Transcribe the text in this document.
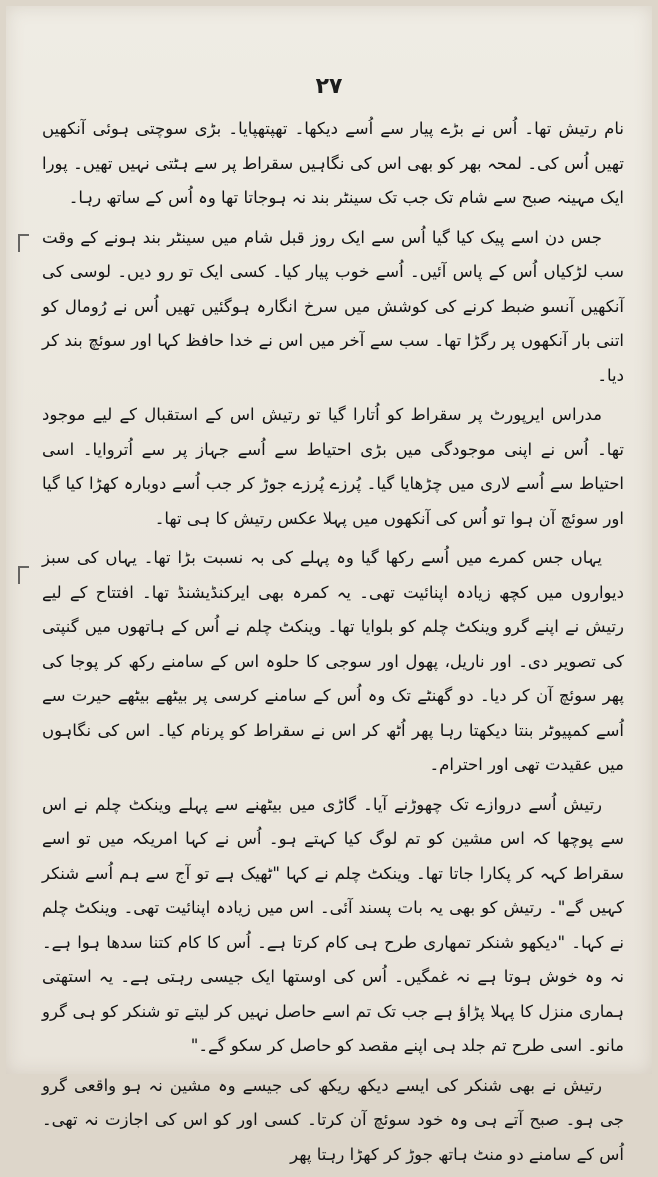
۲۷

نام رتیش تھا۔ اُس نے بڑے پیار سے اُسے دیکھا۔ تھپتھپایا۔ بڑی سوچتی ہوئی آنکھیں تھیں اُس کی۔ لمحہ بھر کو بھی اس کی نگاہیں سقراط پر سے ہٹتی نہیں تھیں۔ پورا ایک مہینہ صبح سے شام تک جب تک سینٹر بند نہ ہوجاتا تھا وہ اُس کے ساتھ رہا۔

جس دن اسے پیک کیا گیا اُس سے ایک روز قبل شام میں سینٹر بند ہونے کے وقت سب لڑکیاں اُس کے پاس آئیں۔ اُسے خوب پیار کیا۔ کسی ایک تو رو دیں۔ لوسی کی آنکھیں آنسو ضبط کرنے کی کوشش میں سرخ انگارہ ہوگئیں تھیں اُس نے رُومال کو اتنی بار آنکھوں پر رگڑا تھا۔ سب سے آخر میں اس نے خدا حافظ کہا اور سوئچ بند کر دیا۔

مدراس ایرپورٹ پر سقراط کو اُتارا گیا تو رتیش اس کے استقبال کے لیے موجود تھا۔ اُس نے اپنی موجودگی میں بڑی احتیاط سے اُسے جہاز پر سے اُتروایا۔ اسی احتیاط سے اُسے لاری میں چڑھایا گیا۔ پُرزے پُرزے جوڑ کر جب اُسے دوبارہ کھڑا کیا گیا اور سوئچ آن ہوا تو اُس کی آنکھوں میں پہلا عکس رتیش کا ہی تھا۔

یہاں جس کمرے میں اُسے رکھا گیا وہ پہلے کی بہ نسبت بڑا تھا۔ یہاں کی سبز دیواروں میں کچھ زیادہ اپنائیت تھی۔ یہ کمرہ بھی ایرکنڈیشنڈ تھا۔ افتتاح کے لیے رتیش نے اپنے گرو وینکٹ چلم کو بلوایا تھا۔ وینکٹ چلم نے اُس کے ہاتھوں میں گنپتی کی تصویر دی۔ اور ناریل، پھول اور سوجی کا حلوہ اس کے سامنے رکھ کر پوجا کی پھر سوئچ آن کر دیا۔ دو گھنٹے تک وہ اُس کے سامنے کرسی پر بیٹھے بیٹھے حیرت سے اُسے کمپیوٹر بنتا دیکھتا رہا پھر اُٹھ کر اس نے سقراط کو پرنام کیا۔ اس کی نگاہوں میں عقیدت تھی اور احترام۔

رتیش اُسے دروازے تک چھوڑنے آیا۔ گاڑی میں بیٹھنے سے پہلے وینکٹ چلم نے اس سے پوچھا کہ اس مشین کو تم لوگ کیا کہتے ہو۔ اُس نے کہا امریکہ میں تو اسے سقراط کہہ کر پکارا جاتا تھا۔ وینکٹ چلم نے کہا "ٹھیک ہے تو آج سے ہم اُسے شنکر کہیں گے"۔ رتیش کو بھی یہ بات پسند آئی۔ اس میں زیادہ اپنائیت تھی۔ وینکٹ چلم نے کہا۔ "دیکھو شنکر تمھاری طرح ہی کام کرتا ہے۔ اُس کا کام کتنا سدھا ہوا ہے۔ نہ وہ خوش ہوتا ہے نہ غمگیں۔ اُس کی اوستھا ایک جیسی رہتی ہے۔ یہ استھتی ہماری منزل کا پہلا پڑاؤ ہے جب تک تم اسے حاصل نہیں کر لیتے تو شنکر کو ہی گرو مانو۔ اسی طرح تم جلد ہی اپنے مقصد کو حاصل کر سکو گے۔"

رتیش نے بھی شنکر کی ایسے دیکھ ریکھ کی جیسے وہ مشین نہ ہو واقعی گرو جی ہو۔ صبح آتے ہی وہ خود سوئچ آن کرتا۔ کسی اور کو اس کی اجازت نہ تھی۔ اُس کے سامنے دو منٹ ہاتھ جوڑ کر کھڑا رہتا پھر
